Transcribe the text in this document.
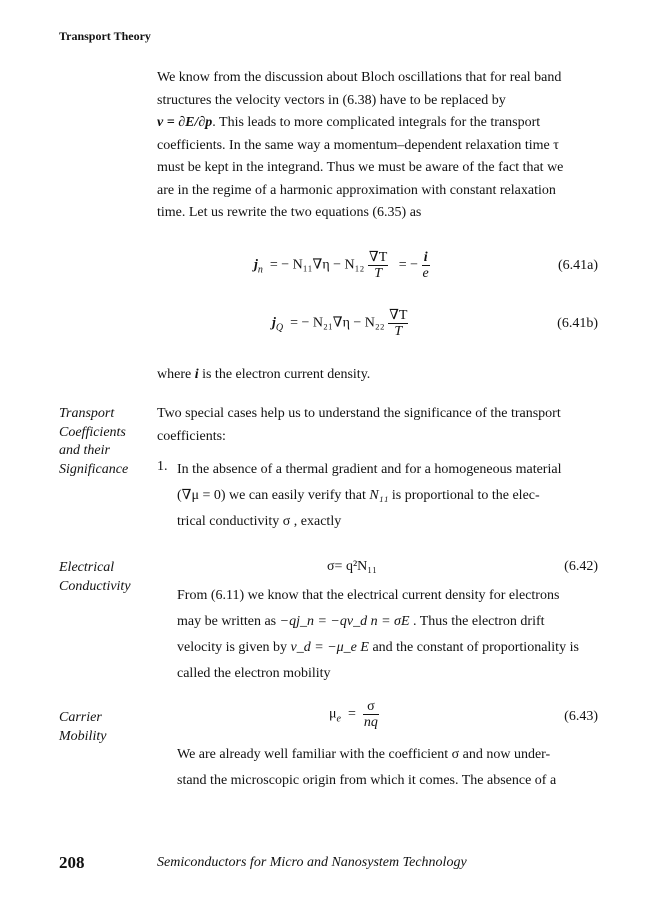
Transport Theory
We know from the discussion about Bloch oscillations that for real band
structures the velocity vectors in (6.38) have to be replaced by
v = ∂E/∂p. This leads to more complicated integrals for the transport
coefficients. In the same way a momentum–dependent relaxation time τ
must be kept in the integrand. Thus we must be aware of the fact that we
are in the regime of a harmonic approximation with constant relaxation
time. Let us rewrite the two equations (6.35) as
$j_n$ = − $N_{11}\nabla\eta - N_{12} \frac{\nabla T}{T}$ = − $\frac{i}{e}$	(6.41a)
$j_Q$ = − $N_{21}\nabla\eta - N_{22} \frac{\nabla T}{T}$	(6.41b)
where i is the electron current density.
Transport
Coefficients
and their
Significance
Two special cases help us to understand the significance of the transport
coefficients:
1. In the absence of a thermal gradient and for a homogeneous material
(∇μ = 0) we can easily verify that N₁₁ is proportional to the elec-
trical conductivity σ , exactly
Electrical
Conductivity
σ= q²N₁₁	(6.42)
From (6.11) we know that the electrical current density for electrons
may be written as −qj_n = −qv_d n = σE . Thus the electron drift
velocity is given by v_d = −μ_e E and the constant of proportionality is
called the electron mobility
Carrier
Mobility
$\mu_e = \frac{\sigma}{nq}$	(6.43)
We are already well familiar with the coefficient σ and now under-
stand the microscopic origin from which it comes. The absence of a
208	Semiconductors for Micro and Nanosystem Technology
